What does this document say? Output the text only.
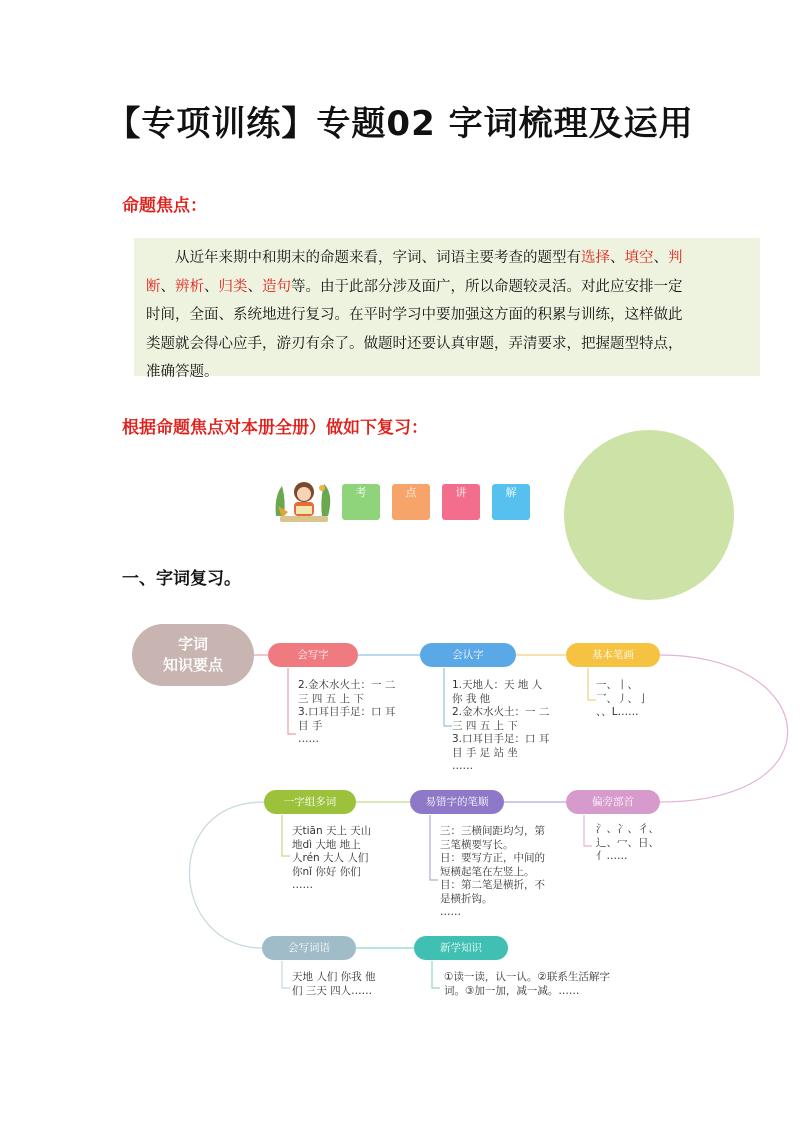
【专项训练】专题02 字词梳理及运用
命题焦点：
　　从近年来期中和期末的命题来看，字词、词语主要考查的题型有选择、填空、判
断、辨析、归类、造句等。由于此部分涉及面广，所以命题较灵活。对此应安排一定
时间，全面、系统地进行复习。在平时学习中要加强这方面的积累与训练，这样做此
类题就会得心应手，游刃有余了。做题时还要认真审题，弄清要求，把握题型特点，
准确答题。
根据命题焦点对本册全册）做如下复习：
考	点	讲	解
一、字词复习。
字词
知识要点
会写字
2.金木水火土：一 二
三 四 五 上 下
3.口耳目手足：口 耳
目 手
……
会认字
1.天地人：天 地 人
你 我 他
2.金木水火土：一 二
三 四 五 上 下
3.口耳目手足：口 耳
目 手 足 站 坐
……
基本笔画
一、丨、
乛、丿、亅
、、L……
偏旁部首
氵、冫、彳、
辶、冖、日、
亻……
易错字的笔顺
三：三横间距均匀，第
三笔横要写长。
日：要写方正，中间的
短横起笔在左竖上。
目：第二笔是横折，不
是横折钩。
……
一字组多词
天tiān 天上 天山
地dì 大地 地上
人rén 大人 人们
你nǐ 你好 你们
……
会写词语
天地 人们 你我 他
们 三天 四人……
新学知识
①读一读，认一认。②联系生活解字
词。③加一加，减一减。……
